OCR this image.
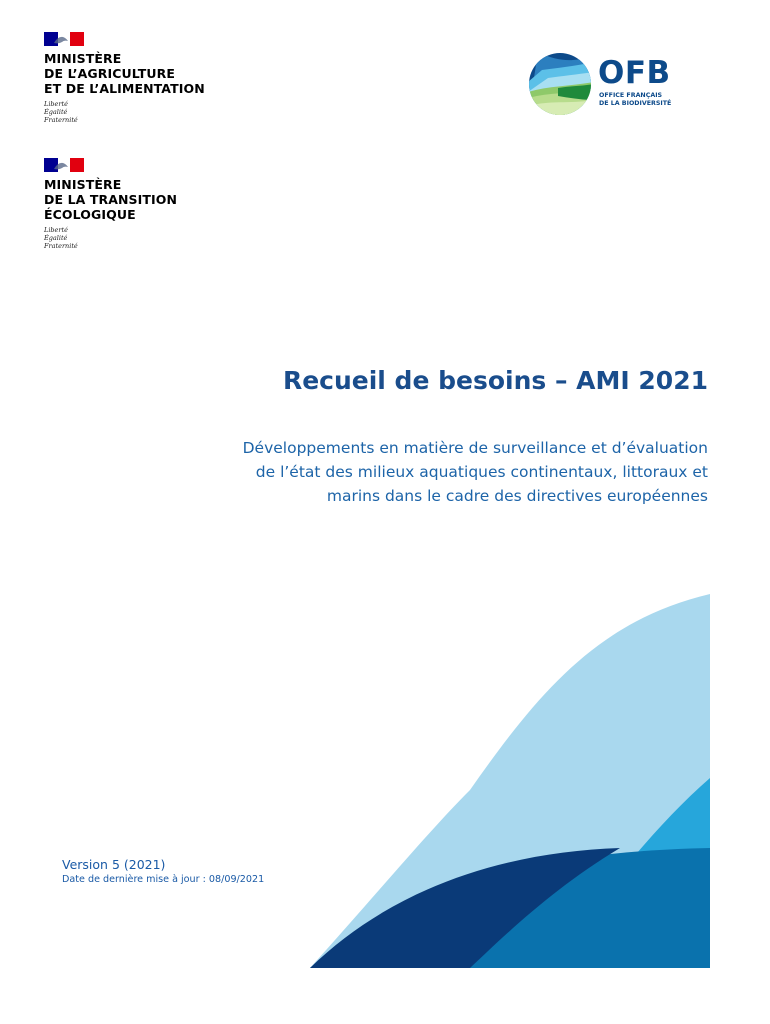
MINISTÈRE
DE L’AGRICULTURE
ET DE L’ALIMENTATION
Liberté
Égalité
Fraternité
MINISTÈRE
DE LA TRANSITION
ÉCOLOGIQUE
Liberté
Égalité
Fraternité
OFB
OFFICE FRANÇAIS
DE LA BIODIVERSITÉ
Recueil de besoins – AMI 2021
Développements en matière de surveillance et d’évaluation
de l’état des milieux aquatiques continentaux, littoraux et
marins dans le cadre des directives européennes
Version 5 (2021)
Date de dernière mise à jour : 08/09/2021
